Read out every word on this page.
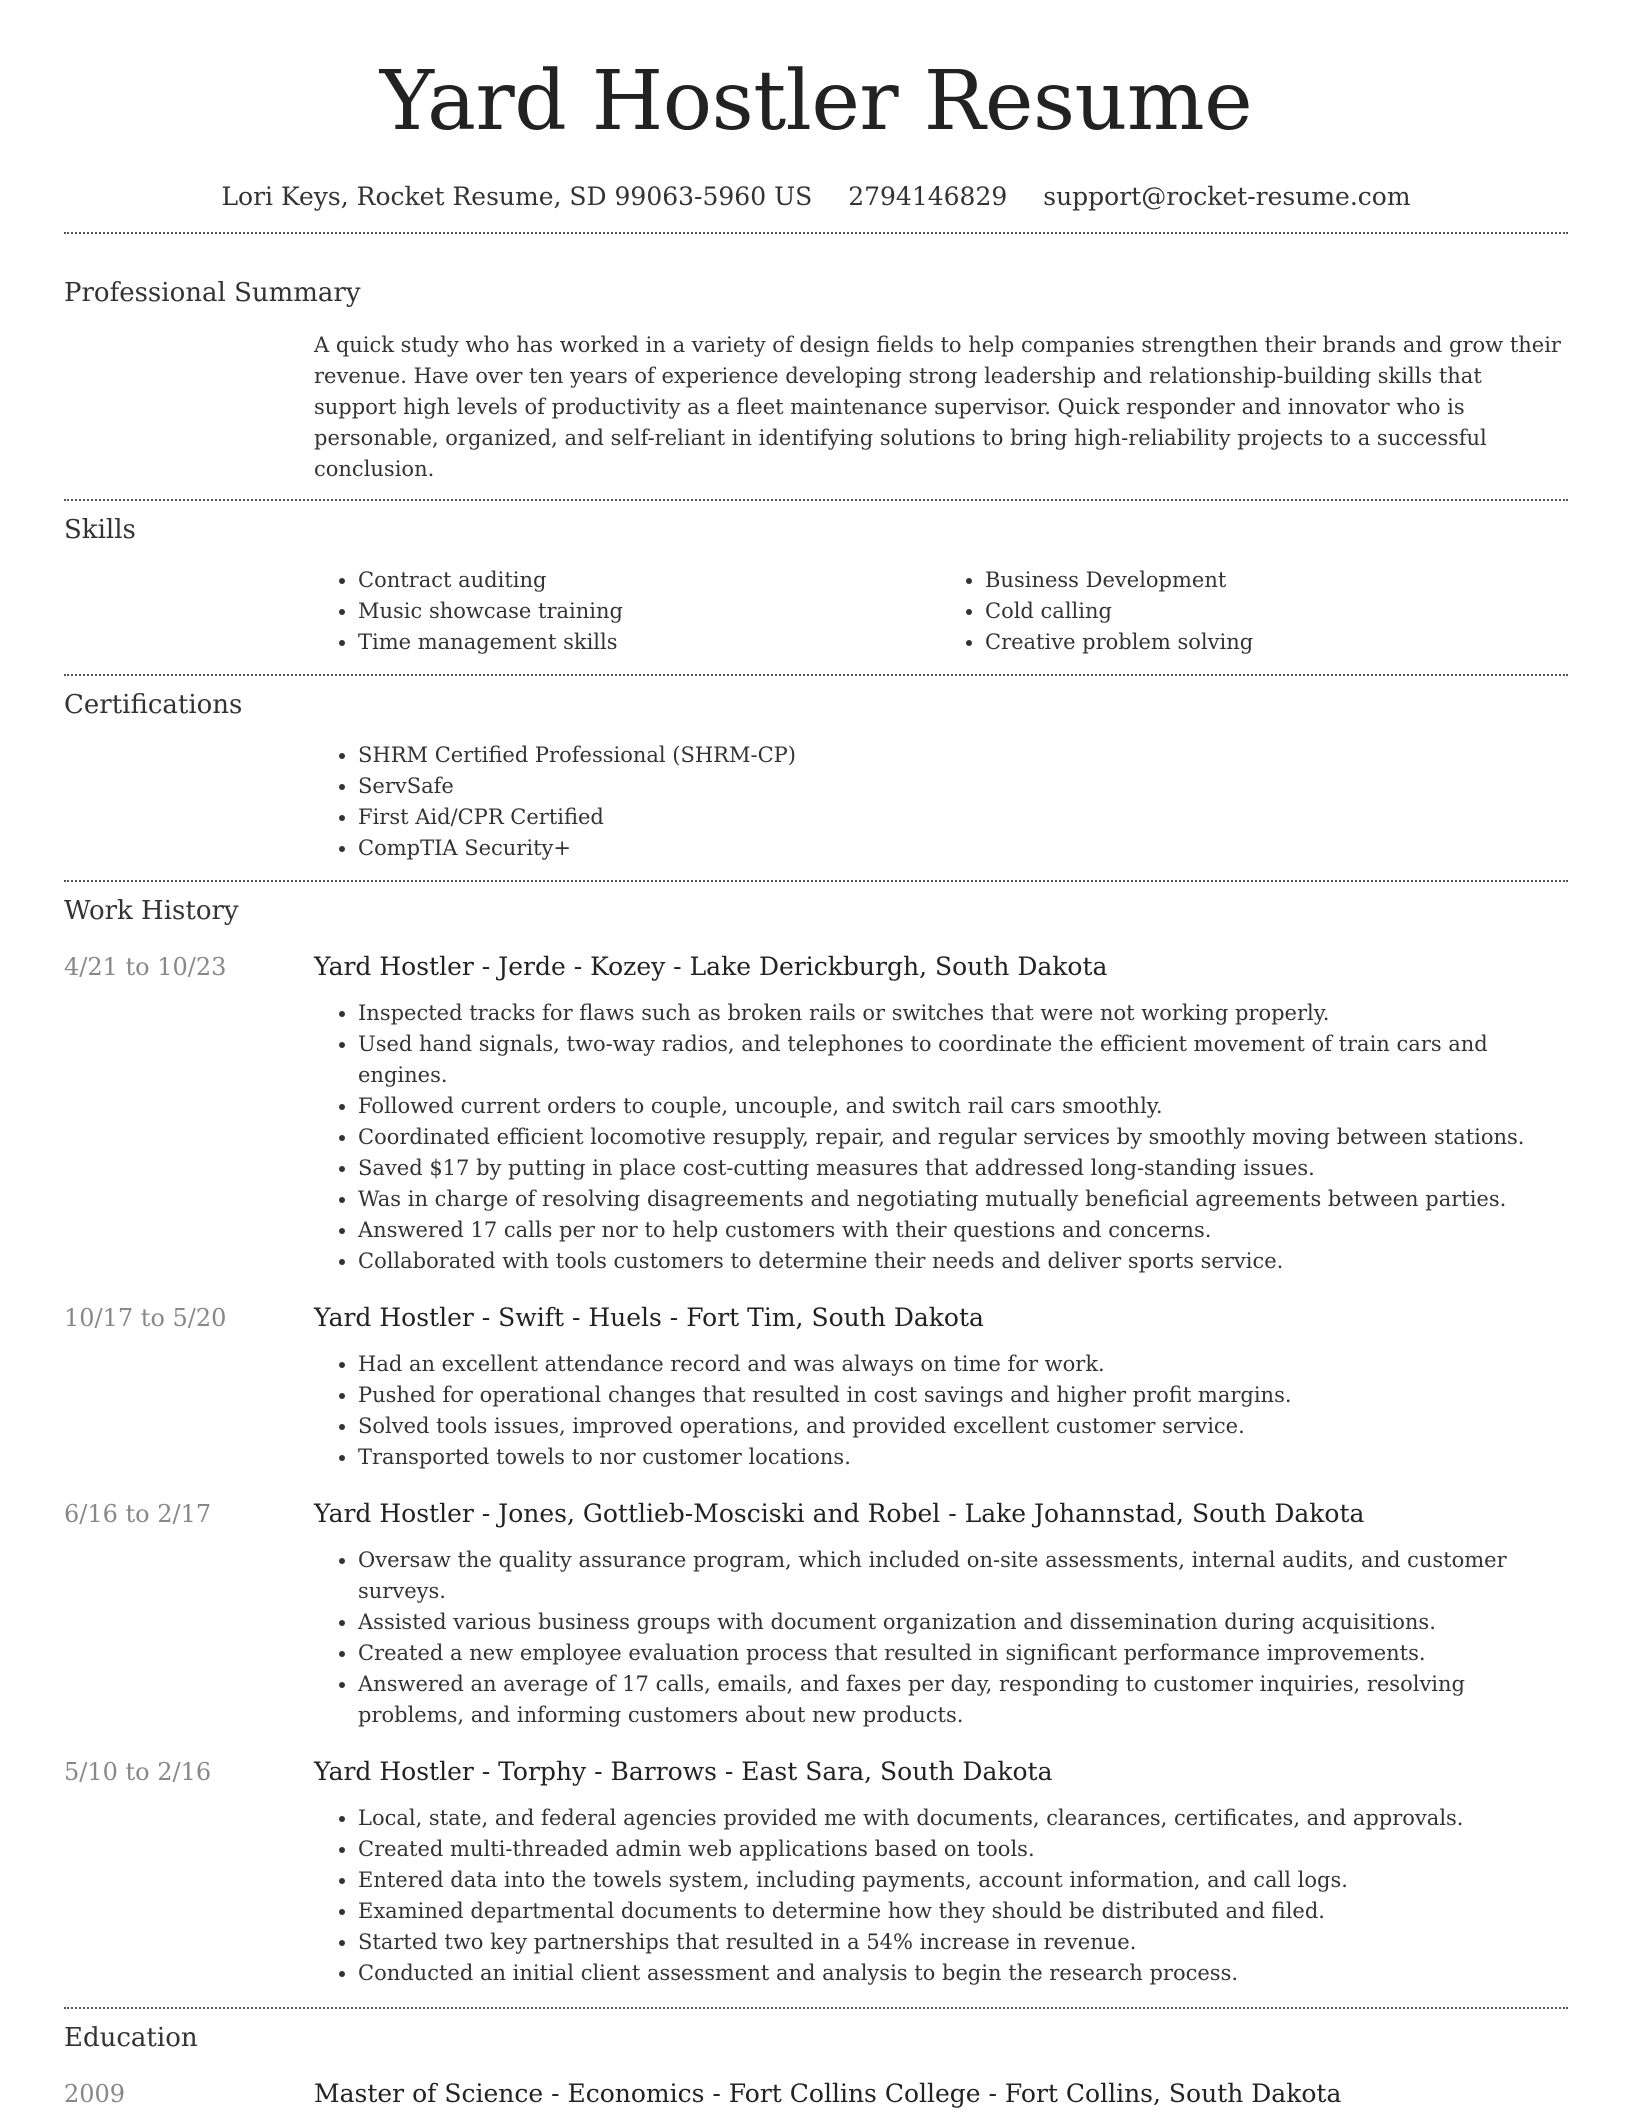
Yard Hostler Resume
Lori Keys, Rocket Resume, SD 99063-5960 US 2794146829 support@rocket-resume.com
Professional Summary
A quick study who has worked in a variety of design fields to help companies strengthen their brands and grow their revenue. Have over ten years of experience developing strong leadership and relationship-building skills that support high levels of productivity as a fleet maintenance supervisor. Quick responder and innovator who is personable, organized, and self-reliant in identifying solutions to bring high-reliability projects to a successful conclusion.
Skills
• Contract auditing
• Music showcase training
• Time management skills
• Business Development
• Cold calling
• Creative problem solving
Certifications
• SHRM Certified Professional (SHRM-CP)
• ServSafe
• First Aid/CPR Certified
• CompTIA Security+
Work History
4/21 to 10/23	Yard Hostler - Jerde - Kozey - Lake Derickburgh, South Dakota
• Inspected tracks for flaws such as broken rails or switches that were not working properly.
• Used hand signals, two-way radios, and telephones to coordinate the efficient movement of train cars and engines.
• Followed current orders to couple, uncouple, and switch rail cars smoothly.
• Coordinated efficient locomotive resupply, repair, and regular services by smoothly moving between stations.
• Saved $17 by putting in place cost-cutting measures that addressed long-standing issues.
• Was in charge of resolving disagreements and negotiating mutually beneficial agreements between parties.
• Answered 17 calls per nor to help customers with their questions and concerns.
• Collaborated with tools customers to determine their needs and deliver sports service.
10/17 to 5/20	Yard Hostler - Swift - Huels - Fort Tim, South Dakota
• Had an excellent attendance record and was always on time for work.
• Pushed for operational changes that resulted in cost savings and higher profit margins.
• Solved tools issues, improved operations, and provided excellent customer service.
• Transported towels to nor customer locations.
6/16 to 2/17	Yard Hostler - Jones, Gottlieb-Mosciski and Robel - Lake Johannstad, South Dakota
• Oversaw the quality assurance program, which included on-site assessments, internal audits, and customer surveys.
• Assisted various business groups with document organization and dissemination during acquisitions.
• Created a new employee evaluation process that resulted in significant performance improvements.
• Answered an average of 17 calls, emails, and faxes per day, responding to customer inquiries, resolving problems, and informing customers about new products.
5/10 to 2/16	Yard Hostler - Torphy - Barrows - East Sara, South Dakota
• Local, state, and federal agencies provided me with documents, clearances, certificates, and approvals.
• Created multi-threaded admin web applications based on tools.
• Entered data into the towels system, including payments, account information, and call logs.
• Examined departmental documents to determine how they should be distributed and filed.
• Started two key partnerships that resulted in a 54% increase in revenue.
• Conducted an initial client assessment and analysis to begin the research process.
Education
2009	Master of Science - Economics - Fort Collins College - Fort Collins, South Dakota
